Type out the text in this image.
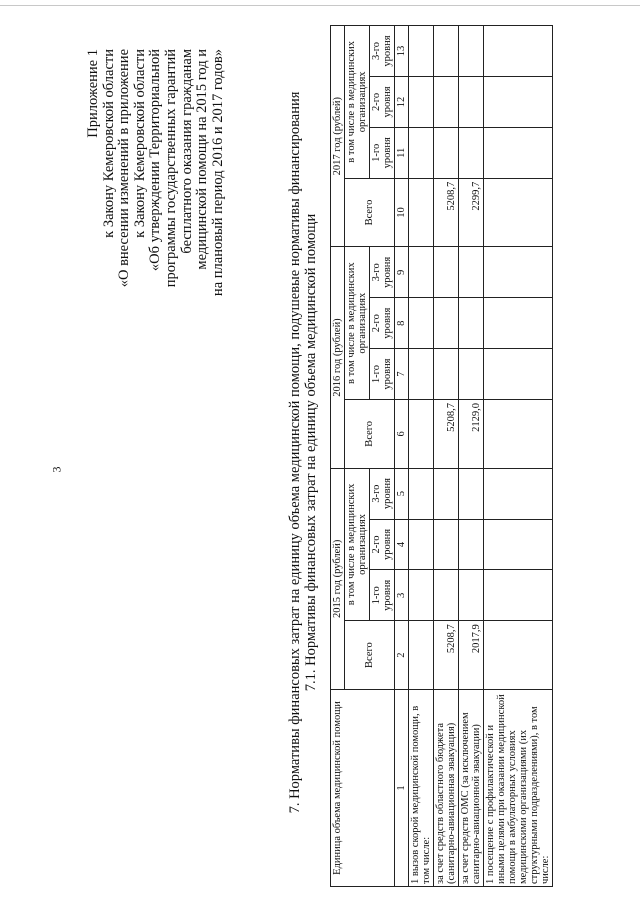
3
Приложение 1 к Закону Кемеровской области «О внесении изменений в приложение к Закону Кемеровской области «Об утверждении Территориальной программы государственных гарантий бесплатного оказания гражданам медицинской помощи на 2015 год и на плановый период 2016 и 2017 годов»	7. Нормативы финансовых затрат на единицу объема медицинской помощи, подушевые нормативы финансирования 7.1. Нормативы финансовых затрат на единицу объема медицинской помощи
Единица объема медицинской помощи	2015 год (рублей)				2016 год (рублей)				2017 год (рублей)			
	Всего	в том числе в медицинских организациях			Всего	в том числе в медицинских организациях			Всего	в том числе в медицинских организациях		
		1-го уровня	2-го уровня	3-го уровня		1-го уровня	2-го уровня	3-го уровня		1-го уровня	2-го уровня	3-го уровня
1	2	3	4	5	6	7	8	9	10	11	12	13
1 вызов скорой медицинской помощи, в том числе:												
за счет средств областного бюджета (санитарно-авиационная эвакуация)	5208,7				5208,7				5208,7			
за счет средств ОМС (за исключением санитарно-авиационной эвакуации)	2017,9				2129,0				2299,7			
1 посещение с профилактической и иными целями при оказании медицинской помощи в амбулаторных условиях медицинскими организациями (их структурными подразделениями), в том числе:												
